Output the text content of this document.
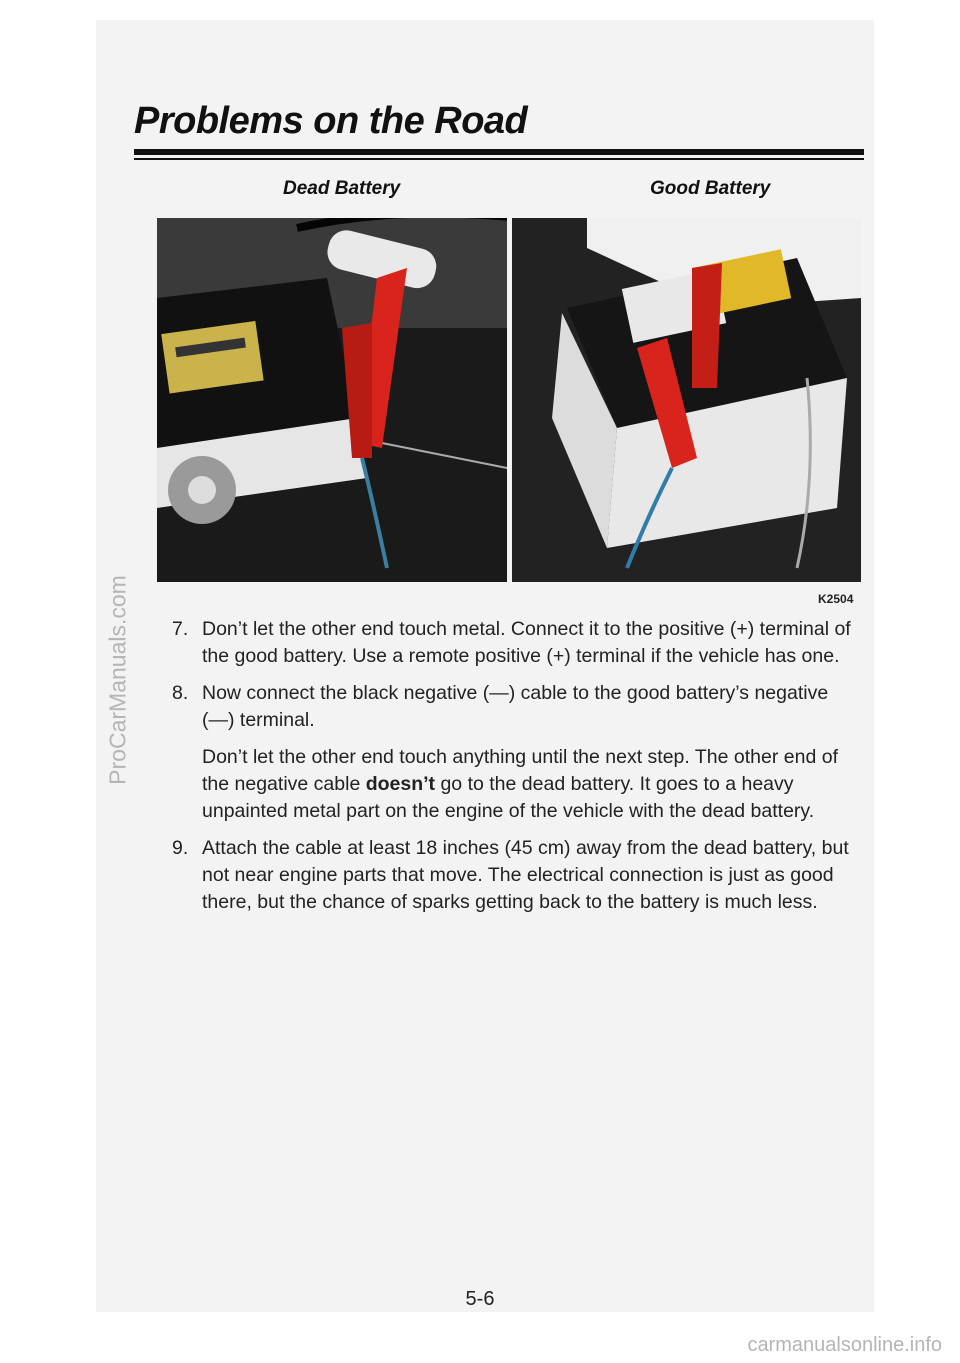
Problems on the Road
Dead Battery	Good Battery
K2504
7. Don’t let the other end touch metal. Connect it to the positive (+) terminal of the good battery. Use a remote positive (+) terminal if the vehicle has one.
8. Now connect the black negative (—) cable to the good battery’s negative (—) terminal.

Don’t let the other end touch anything until the next step. The other end of the negative cable doesn’t go to the dead battery. It goes to a heavy unpainted metal part on the engine of the vehicle with the dead battery.

9. Attach the cable at least 18 inches (45 cm) away from the dead battery, but not near engine parts that move. The electrical connection is just as good there, but the chance of sparks getting back to the battery is much less.
5-6
ProCarManuals.com
carmanualsonline.info
